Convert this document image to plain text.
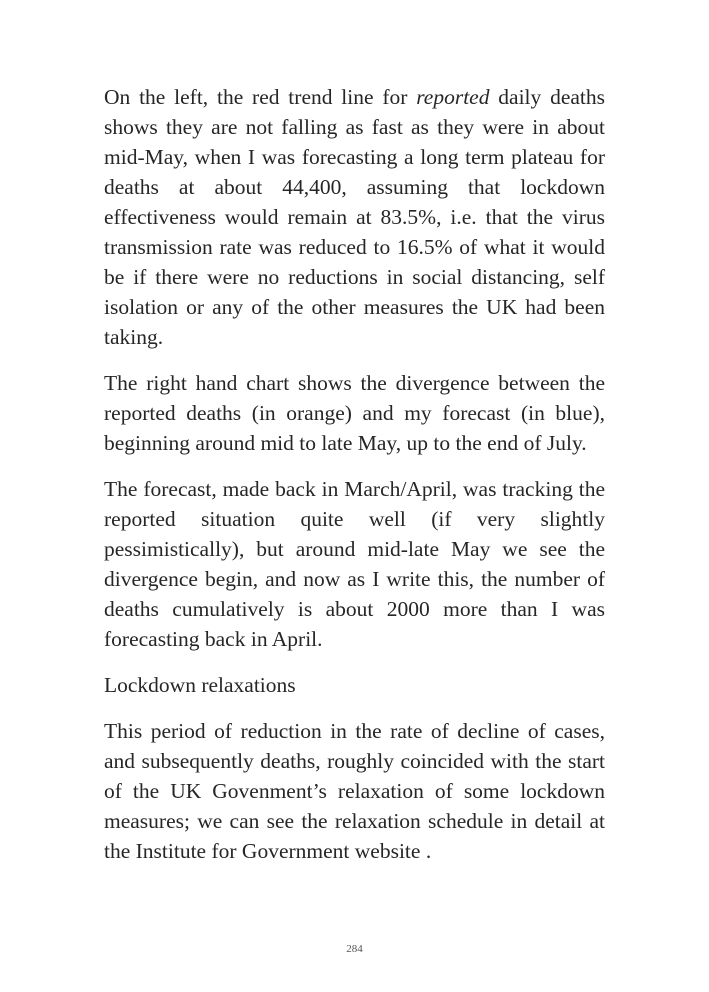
On the left, the red trend line for reported daily deaths shows they are not falling as fast as they were in about mid-May, when I was forecasting a long term plateau for deaths at about 44,400, assuming that lockdown effectiveness would remain at 83.5%, i.e. that the virus transmission rate was reduced to 16.5% of what it would be if there were no reductions in social distancing, self isolation or any of the other measures the UK had been taking.

The right hand chart shows the divergence between the reported deaths (in orange) and my forecast (in blue), beginning around mid to late May, up to the end of July.

The forecast, made back in March/April, was tracking the reported situation quite well (if very slightly pessimistically), but around mid-late May we see the divergence begin, and now as I write this, the number of deaths cumulatively is about 2000 more than I was forecasting back in April.

Lockdown relaxations

This period of reduction in the rate of decline of cases, and subsequently deaths, roughly coincided with the start of the UK Govenment’s relaxation of some lockdown measures; we can see the relaxation schedule in detail at the Institute for Government website .

284
